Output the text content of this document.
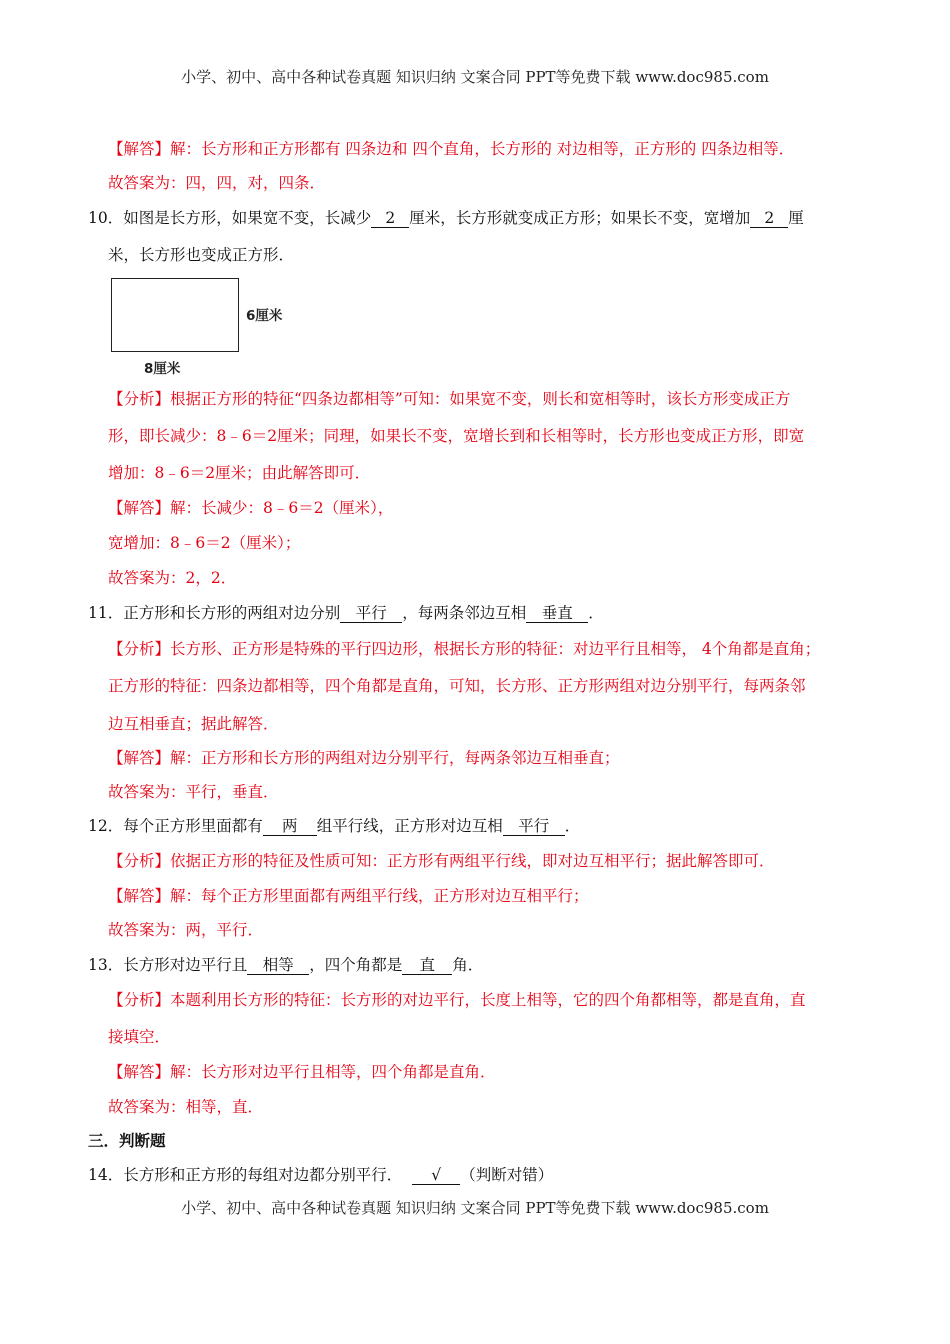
小学、初中、高中各种试卷真题 知识归纳 文案合同 PPT等免费下载 www.doc985.com
【解答】解：长方形和正方形都有 四条边和 四个直角，长方形的 对边相等，正方形的 四条边相等．
故答案为：四，四，对，四条．
10．如图是长方形，如果宽不变，长减少 2 厘米，长方形就变成正方形；如果长不变，宽增加 2 厘
米，长方形也变成正方形．
6厘米
8厘米
【分析】根据正方形的特征“四条边都相等”可知：如果宽不变，则长和宽相等时，该长方形变成正方
形，即长减少：8﹣6＝2厘米；同理，如果长不变，宽增长到和长相等时，长方形也变成正方形，即宽
增加：8﹣6＝2厘米；由此解答即可．
【解答】解：长减少：8﹣6＝2（厘米），
宽增加：8﹣6＝2（厘米）；
故答案为：2，2．
11．正方形和长方形的两组对边分别 平行 ，每两条邻边互相 垂直 ．
【分析】长方形、正方形是特殊的平行四边形，根据长方形的特征：对边平行且相等， 4个角都是直角；
正方形的特征：四条边都相等，四个角都是直角，可知，长方形、正方形两组对边分别平行，每两条邻
边互相垂直；据此解答．
【解答】解：正方形和长方形的两组对边分别平行，每两条邻边互相垂直；
故答案为：平行，垂直．
12．每个正方形里面都有 两 组平行线，正方形对边互相 平行 ．
【分析】依据正方形的特征及性质可知：正方形有两组平行线，即对边互相平行；据此解答即可．
【解答】解：每个正方形里面都有两组平行线，正方形对边互相平行；
故答案为：两，平行．
13．长方形对边平行且 相等 ，四个角都是 直 角．
【分析】本题利用长方形的特征：长方形的对边平行，长度上相等，它的四个角都相等，都是直角，直
接填空．
【解答】解：长方形对边平行且相等，四个角都是直角．
故答案为：相等，直．
三．判断题
14．长方形和正方形的每组对边都分别平行． √ （判断对错）
小学、初中、高中各种试卷真题 知识归纳 文案合同 PPT等免费下载 www.doc985.com
